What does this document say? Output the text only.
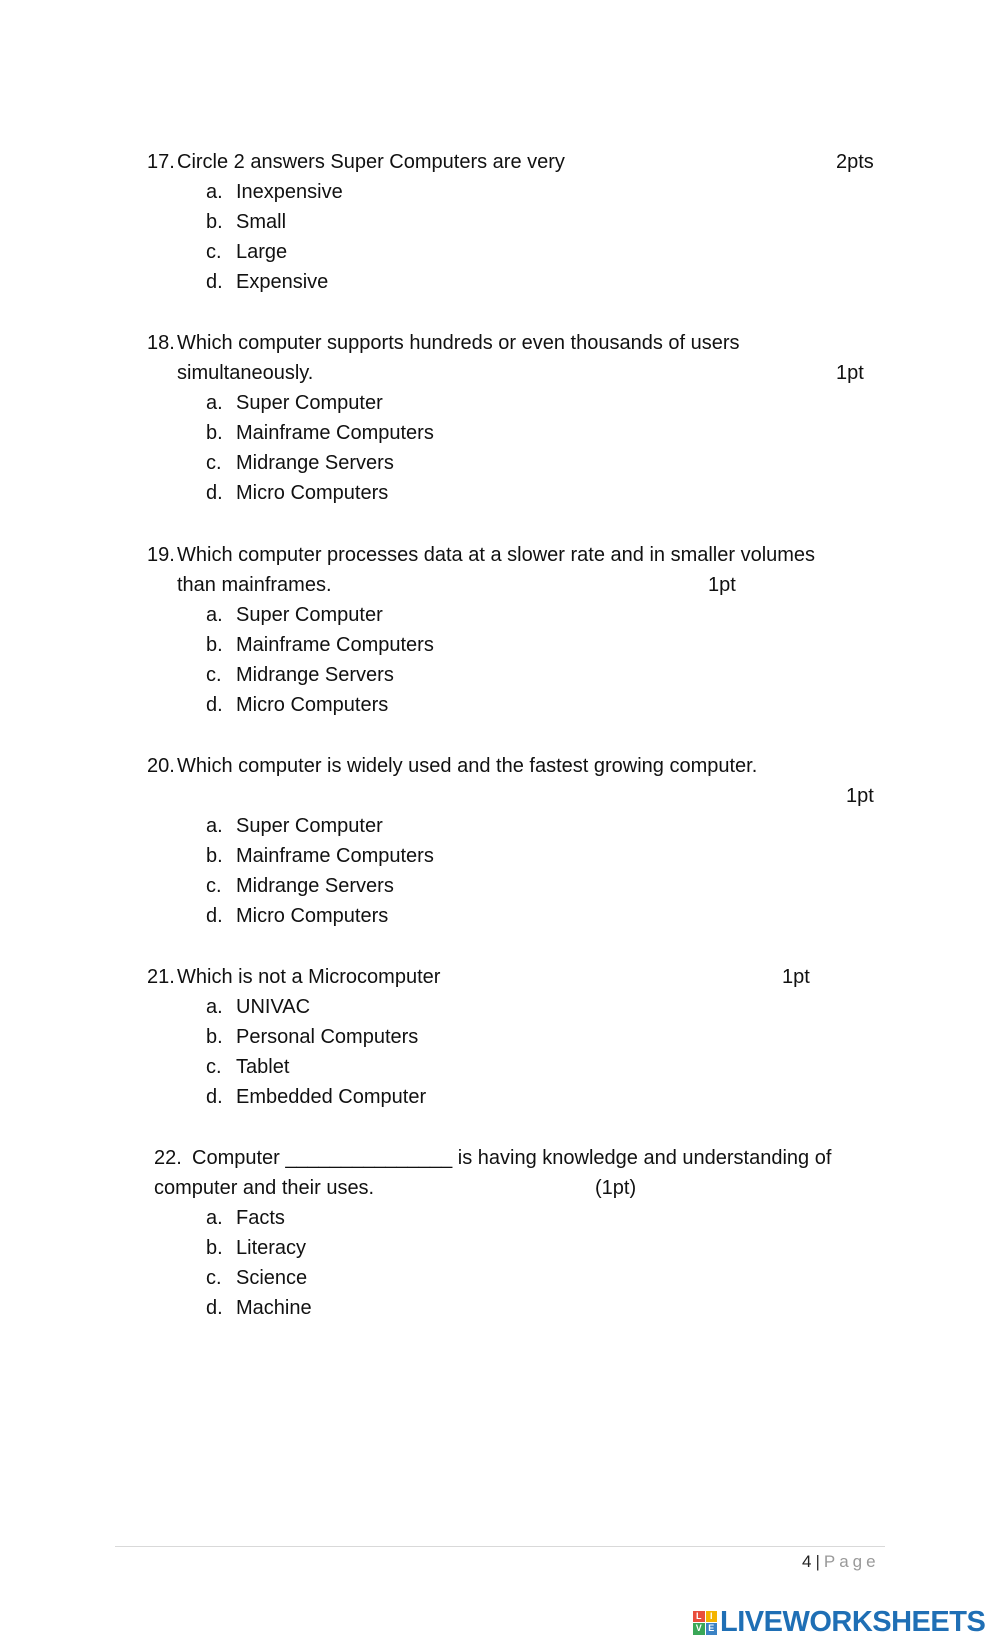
17. Circle 2 answers Super Computers are very	2pts
a. Inexpensive
b. Small
c. Large
d. Expensive
18. Which computer supports hundreds or even thousands of users
simultaneously.	1pt
a. Super Computer
b. Mainframe Computers
c. Midrange Servers
d. Micro Computers
19. Which computer processes data at a slower rate and in smaller volumes
than mainframes.	1pt
a. Super Computer
b. Mainframe Computers
c. Midrange Servers
d. Micro Computers
20. Which computer is widely used and the fastest growing computer.
1pt
a. Super Computer
b. Mainframe Computers
c. Midrange Servers
d. Micro Computers
21. Which is not a Microcomputer	1pt
a. UNIVAC
b. Personal Computers
c. Tablet
d. Embedded Computer
22. Computer _______________ is having knowledge and understanding of
computer and their uses.	(1pt)
a. Facts
b. Literacy
c. Science
d. Machine
4 | Page
L I
V E LIVEWORKSHEETS
